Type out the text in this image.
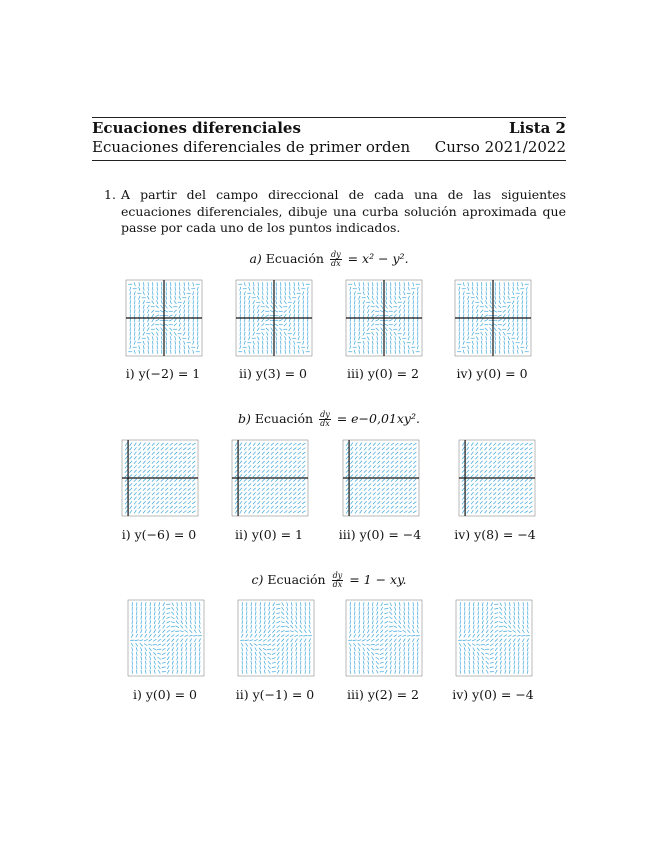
Ecuaciones diferenciales	Lista 2
Ecuaciones diferenciales de primer orden Curso 2021/2022
1. A partir del campo direccional de cada una de las siguientes ecuaciones diferenciales, dibuje una curba solución aproximada que passe por cada uno de los puntos indicados.
a) Ecuación $\frac{dy}{dx} = x^2 - y^2$.
b) Ecuación $\frac{dy}{dx} = e-0,01xy^2$.
c) Ecuación $\frac{dy}{dx} = 1$ − xy.
i) y(−2) = 1	ii) y(3) = 0	iii) y(0) = 2	iv) y(0) = 0
i) y(−6) = 0	ii) y(0) = 1	iii) y(0) = −4	iv) y(8) = −4
i) y(0) = 0	ii) y(−1) = 0	iii) y(2) = 2	iv) y(0) = −4
